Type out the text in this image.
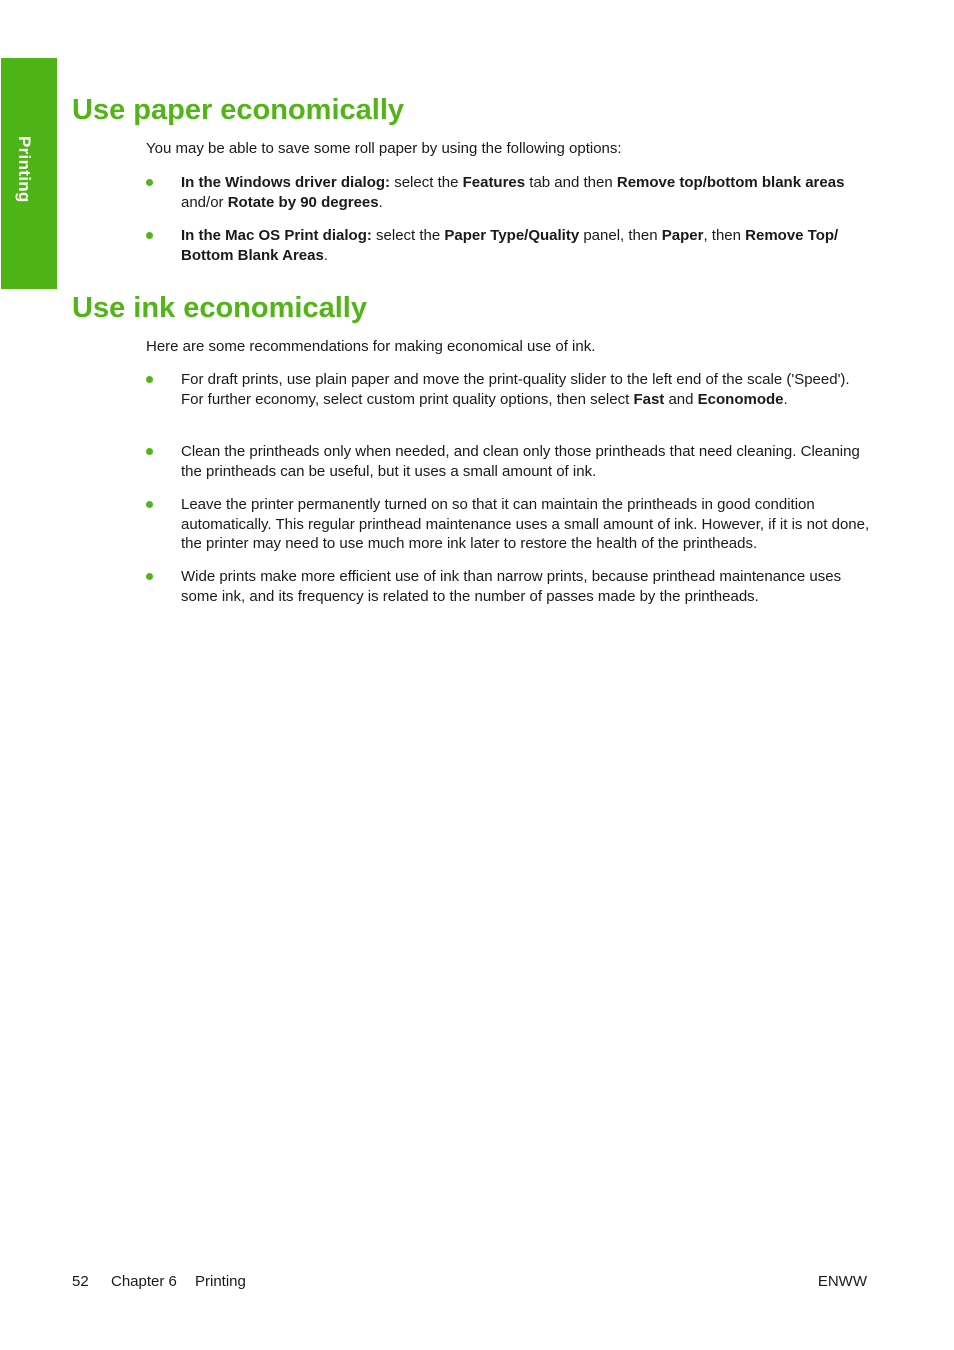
Printing
Use paper economically

You may be able to save some roll paper by using the following options:

In the Windows driver dialog: select the Features tab and then Remove top/bottom blank areas and/or Rotate by 90 degrees.
In the Mac OS Print dialog: select the Paper Type/Quality panel, then Paper, then Remove Top/ Bottom Blank Areas.
Use ink economically

Here are some recommendations for making economical use of ink.

For draft prints, use plain paper and move the print-quality slider to the left end of the scale ('Speed'). For further economy, select custom print quality options, then select Fast and Economode.
Clean the printheads only when needed, and clean only those printheads that need cleaning. Cleaning the printheads can be useful, but it uses a small amount of ink.
Leave the printer permanently turned on so that it can maintain the printheads in good condition automatically. This regular printhead maintenance uses a small amount of ink. However, if it is not done, the printer may need to use much more ink later to restore the health of the printheads.
Wide prints make more efficient use of ink than narrow prints, because printhead maintenance uses some ink, and its frequency is related to the number of passes made by the printheads.
52 Chapter 6 Printing	ENWW
